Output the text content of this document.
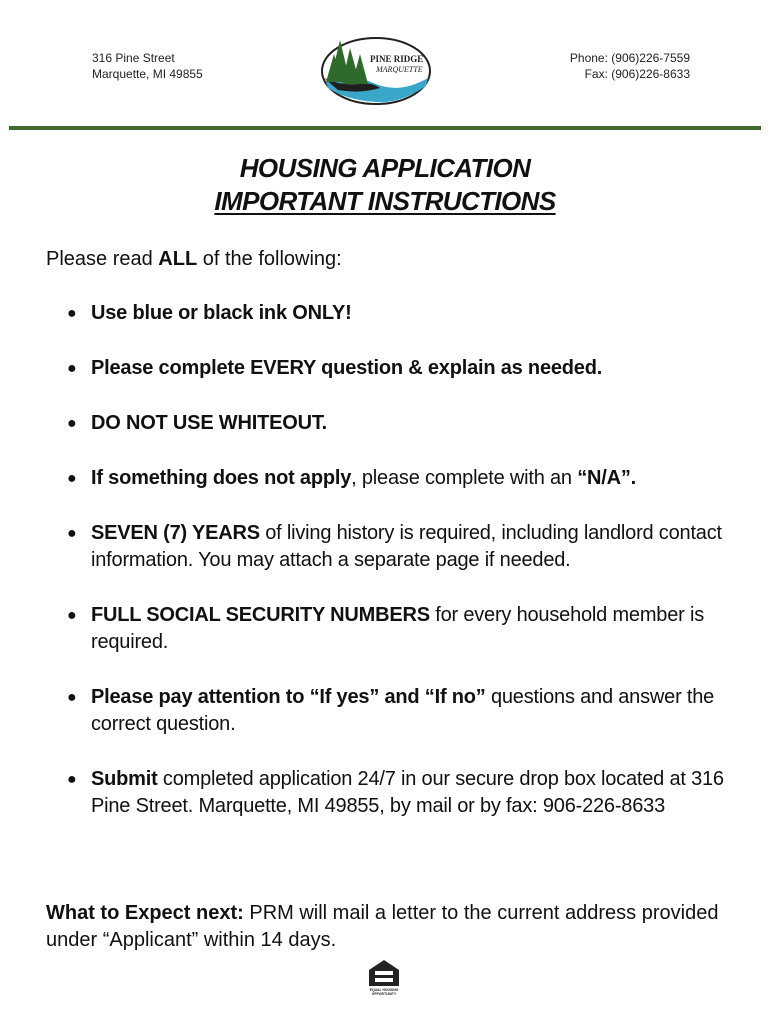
316 Pine Street
Marquette, MI 49855
PINE RIDGE
MARQUETTE
Phone: (906)226-7559
Fax: (906)226-8633
HOUSING APPLICATION
IMPORTANT INSTRUCTIONS
Please read ALL of the following:
● Use blue or black ink ONLY!
● Please complete EVERY question & explain as needed.
● DO NOT USE WHITEOUT.
● If something does not apply, please complete with an “N/A”.
● SEVEN (7) YEARS of living history is required, including landlord contact information. You may attach a separate page if needed.
● FULL SOCIAL SECURITY NUMBERS for every household member is required.
● Please pay attention to “If yes” and “If no” questions and answer the correct question.
● Submit completed application 24/7 in our secure drop box located at 316 Pine Street. Marquette, MI 49855, by mail or by fax: 906-226-8633
What to Expect next: PRM will mail a letter to the current address provided under “Applicant” within 14 days.
EQUAL HOUSING
OPPORTUNITY
